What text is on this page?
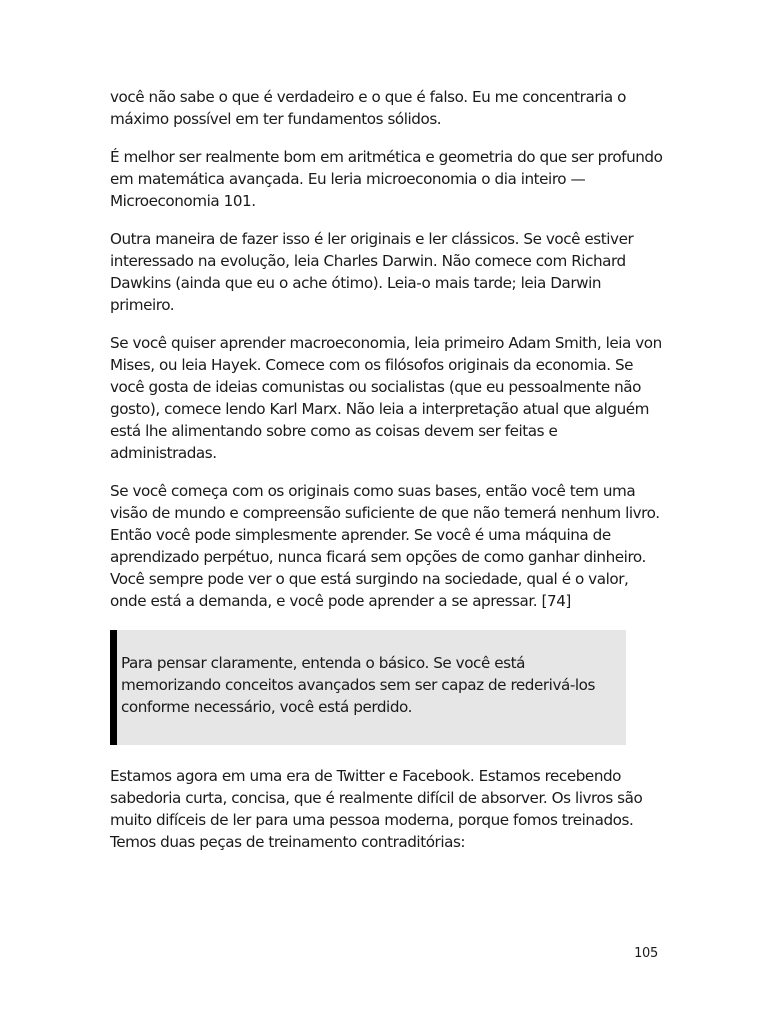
você não sabe o que é verdadeiro e o que é falso. Eu me concentraria o máximo possível em ter fundamentos sólidos.

É melhor ser realmente bom em aritmética e geometria do que ser profundo em matemática avançada. Eu leria microeconomia o dia inteiro — Microeconomia 101.

Outra maneira de fazer isso é ler originais e ler clássicos. Se você estiver interessado na evolução, leia Charles Darwin. Não comece com Richard Dawkins (ainda que eu o ache ótimo). Leia-o mais tarde; leia Darwin primeiro.

Se você quiser aprender macroeconomia, leia primeiro Adam Smith, leia von Mises, ou leia Hayek. Comece com os filósofos originais da economia. Se você gosta de ideias comunistas ou socialistas (que eu pessoalmente não gosto), comece lendo Karl Marx. Não leia a interpretação atual que alguém está lhe alimentando sobre como as coisas devem ser feitas e administradas.

Se você começa com os originais como suas bases, então você tem uma visão de mundo e compreensão suficiente de que não temerá nenhum livro. Então você pode simplesmente aprender. Se você é uma máquina de aprendizado perpétuo, nunca ficará sem opções de como ganhar dinheiro. Você sempre pode ver o que está surgindo na sociedade, qual é o valor, onde está a demanda, e você pode aprender a se apressar. [74]

Para pensar claramente, entenda o básico. Se você está memorizando conceitos avançados sem ser capaz de rederivá-los conforme necessário, você está perdido.

Estamos agora em uma era de Twitter e Facebook. Estamos recebendo sabedoria curta, concisa, que é realmente difícil de absorver. Os livros são muito difíceis de ler para uma pessoa moderna, porque fomos treinados. Temos duas peças de treinamento contraditórias:

105
